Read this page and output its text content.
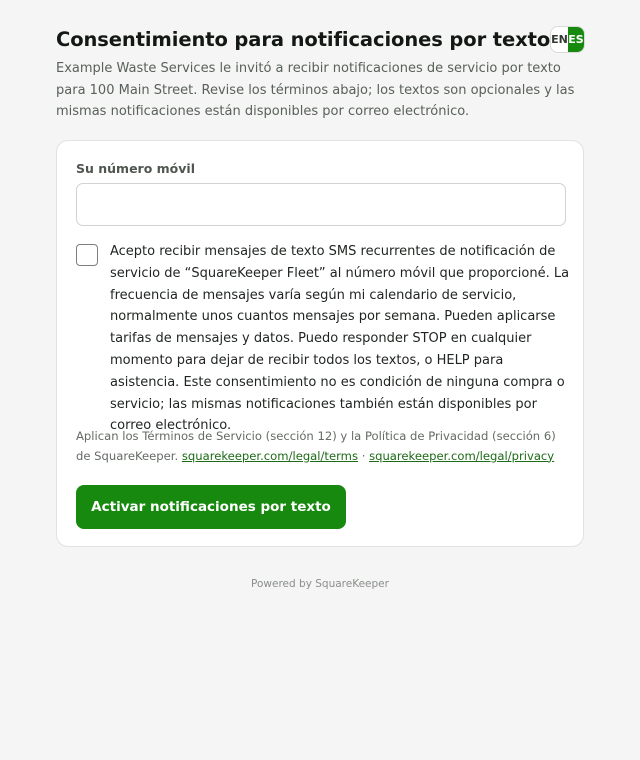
Consentimiento para notificaciones por texto EN ES

Example Waste Services le invitó a recibir notificaciones de servicio por texto para 100 Main Street. Revise los términos abajo; los textos son opcionales y las mismas notificaciones están disponibles por correo electrónico.

Su número móvil

Acepto recibir mensajes de texto SMS recurrentes de notificación de servicio de “SquareKeeper Fleet” al número móvil que proporcioné. La frecuencia de mensajes varía según mi calendario de servicio, normalmente unos cuantos mensajes por semana. Pueden aplicarse tarifas de mensajes y datos. Puedo responder STOP en cualquier momento para dejar de recibir todos los textos, o HELP para asistencia. Este consentimiento no es condición de ninguna compra o servicio; las mismas notificaciones también están disponibles por correo electrónico.

Aplican los Términos de Servicio (sección 12) y la Política de Privacidad (sección 6) de SquareKeeper. squarekeeper.com/legal/terms · squarekeeper.com/legal/privacy

Activar notificaciones por texto
Powered by SquareKeeper
